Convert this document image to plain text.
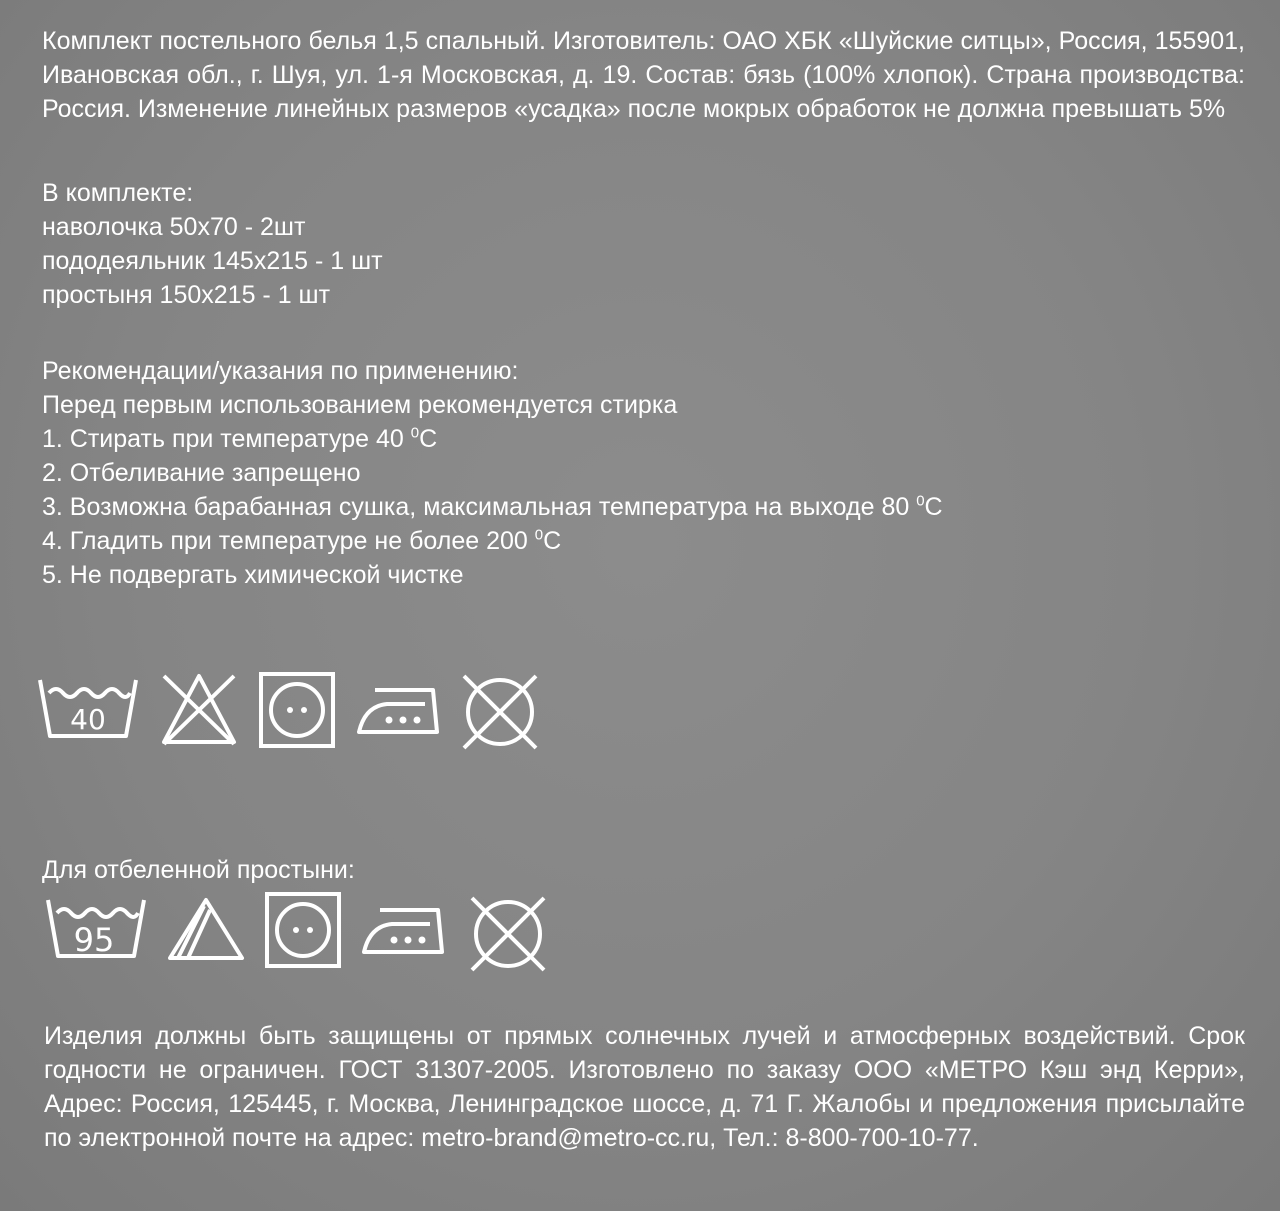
Комплект постельного белья 1,5 спальный. Изготовитель: ОАО ХБК «Шуйские ситцы», Россия, 155901, Ивановская обл., г. Шуя, ул. 1-я Московская, д. 19. Состав: бязь (100% хлопок). Страна производства: Россия. Изменение линейных размеров «усадка» после мокрых обработок не должна превышать 5%

В комплекте:
наволочка 50х70 - 2шт
пододеяльник 145х215 - 1 шт
простыня 150х215 - 1 шт
Рекомендации/указания по применению:
Перед первым использованием рекомендуется стирка
1. Стирать при температуре 40 $^0$С
2. Отбеливание запрещено
3. Возможна барабанная сушка, максимальная температура на выходе 80 $^0$С
4. Гладить при температуре не более 200 $^0$С
5. Не подвергать химической чистке
40
Для отбеленной простыни:
95

Изделия должны быть защищены от прямых солнечных лучей и атмосферных воздействий. Срок годности не ограничен. ГОСТ 31307-2005. Изготовлено по заказу ООО «МЕТРО Кэш энд Керри», Адрес: Россия, 125445, г. Москва, Ленинградское шоссе, д. 71 Г. Жалобы и предложения присылайте по электронной почте на адрес: metro-brand@metro-cc.ru, Тел.: 8-800-700-10-77.
